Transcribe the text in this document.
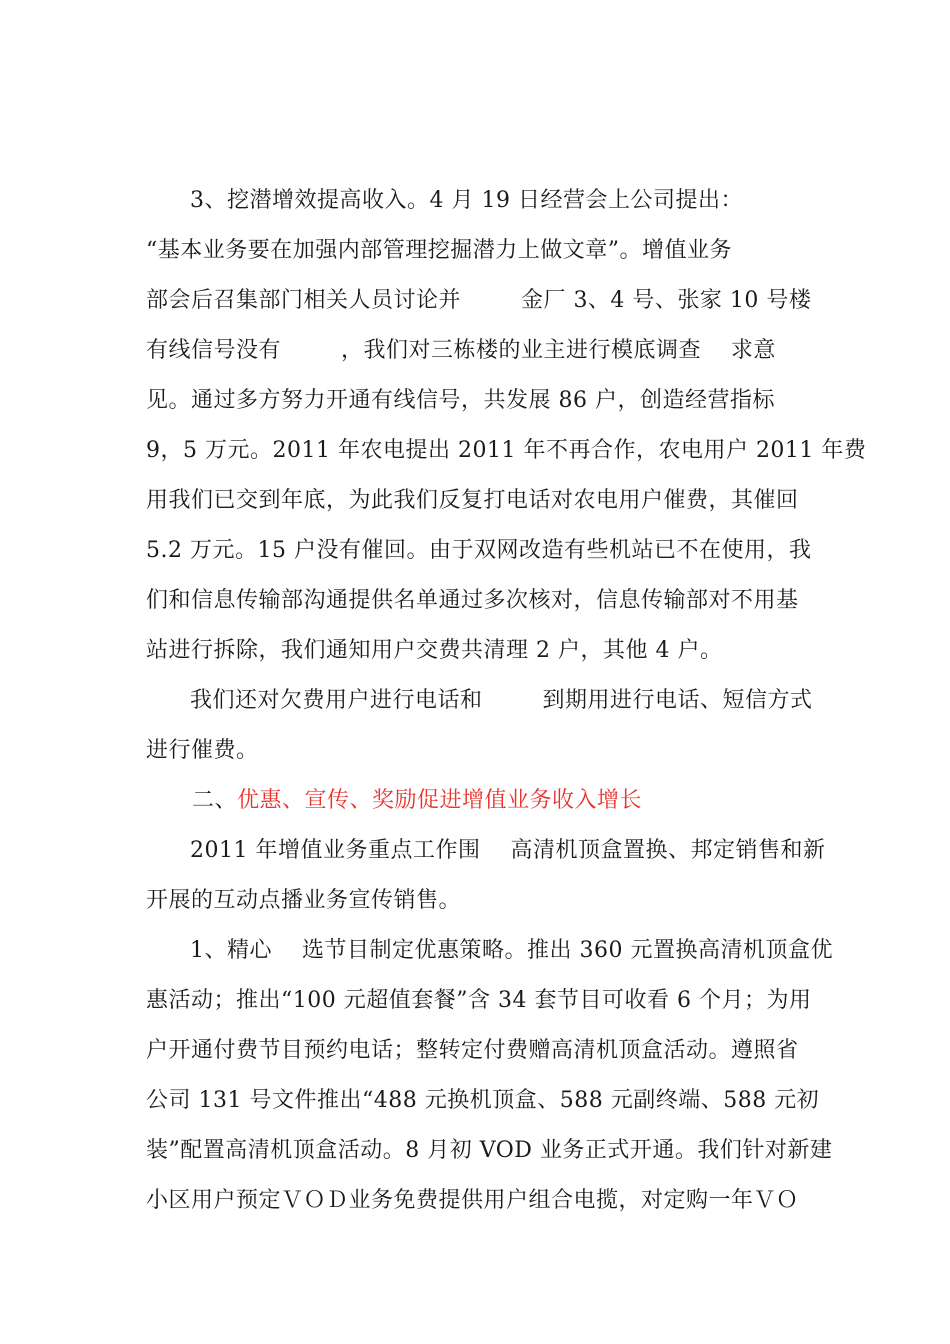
3、挖潜增效提高收入。4 月 19 日经营会上公司提出：
“基本业务要在加强内部管理挖掘潜力上做文章”。增值业务
部会后召集部门相关人员讨论并        金厂 3、4 号、张家 10 号楼
有线信号没有        ，我们对三栋楼的业主进行模底调查    求意
见。通过多方努力开通有线信号，共发展 86 户，创造经营指标
9，5 万元。2011 年农电提出 2011 年不再合作，农电用户 2011 年费
用我们已交到年底，为此我们反复打电话对农电用户催费，其催回
5.2 万元。15 户没有催回。由于双网改造有些机站已不在使用，我
们和信息传输部沟通提供名单通过多次核对，信息传输部对不用基
站进行拆除，我们通知用户交费共清理 2 户，其他 4 户。
我们还对欠费用户进行电话和        到期用进行电话、短信方式
进行催费。
二、优惠、宣传、奖励促进增值业务收入增长
2011 年增值业务重点工作围    高清机顶盒置换、邦定销售和新
开展的互动点播业务宣传销售。
1、精心    选节目制定优惠策略。推出 360 元置换高清机顶盒优
惠活动；推出“100 元超值套餐”含 34 套节目可收看 6 个月；为用
户开通付费节目预约电话；整转定付费赠高清机顶盒活动。遵照省
公司 131 号文件推出“488 元换机顶盒、588 元副终端、588 元初
装”配置高清机顶盒活动。8 月初 VOD 业务正式开通。我们针对新建
小区用户预定ＶＯＤ业务免费提供用户组合电揽，对定购一年ＶＯ
